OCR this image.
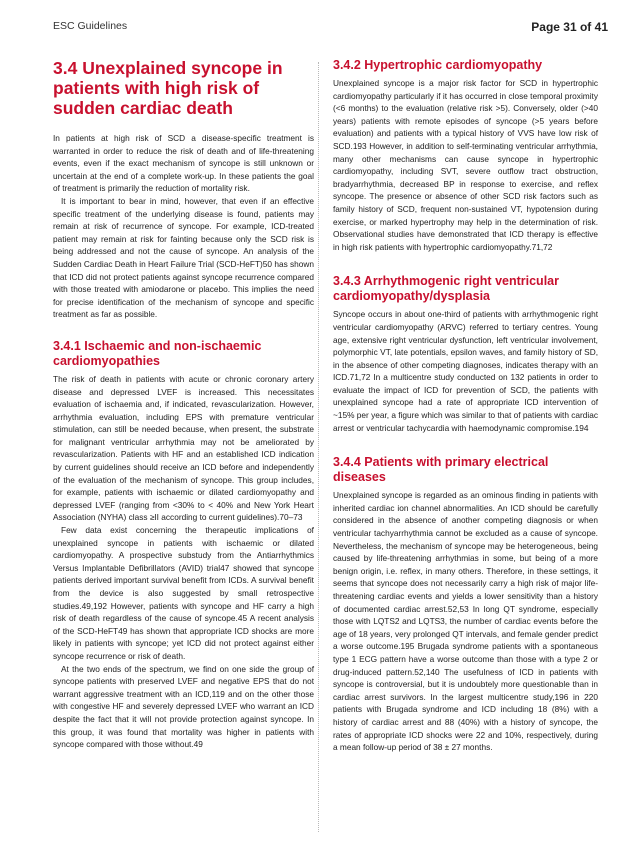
ESC Guidelines	Page 31 of 41
3.4 Unexplained syncope in patients with high risk of sudden cardiac death

In patients at high risk of SCD a disease-specific treatment is warranted in order to reduce the risk of death and of life-threatening events, even if the exact mechanism of syncope is still unknown or uncertain at the end of a complete work-up. In these patients the goal of treatment is primarily the reduction of mortality risk.

It is important to bear in mind, however, that even if an effective specific treatment of the underlying disease is found, patients may remain at risk of recurrence of syncope. For example, ICD-treated patient may remain at risk for fainting because only the SCD risk is being addressed and not the cause of syncope. An analysis of the Sudden Cardiac Death in Heart Failure Trial (SCD-HeFT)50 has shown that ICD did not protect patients against syncope recurrence compared with those treated with amiodarone or placebo. This implies the need for precise identification of the mechanism of syncope and specific treatment as far as possible.

3.4.1 Ischaemic and non-ischaemic cardiomyopathies

The risk of death in patients with acute or chronic coronary artery disease and depressed LVEF is increased. This necessitates evaluation of ischaemia and, if indicated, revascularization. However, arrhythmia evaluation, including EPS with premature ventricular stimulation, can still be needed because, when present, the substrate for malignant ventricular arrhythmia may not be ameliorated by revascularization. Patients with HF and an established ICD indication by current guidelines should receive an ICD before and independently of the evaluation of the mechanism of syncope. This group includes, for example, patients with ischaemic or dilated cardiomyopathy and depressed LVEF (ranging from <30% to < 40% and New York Heart Association (NYHA) class ≥II according to current guidelines).70–73

Few data exist concerning the therapeutic implications of unexplained syncope in patients with ischaemic or dilated cardiomyopathy. A prospective substudy from the Antiarrhythmics Versus Implantable Defibrillators (AVID) trial47 showed that syncope patients derived important survival benefit from ICDs. A survival benefit from the device is also suggested by small retrospective studies.49,192 However, patients with syncope and HF carry a high risk of death regardless of the cause of syncope.45 A recent analysis of the SCD-HeFT49 has shown that appropriate ICD shocks are more likely in patients with syncope; yet ICD did not protect against either syncope recurrence or risk of death.

At the two ends of the spectrum, we find on one side the group of syncope patients with preserved LVEF and negative EPS that do not warrant aggressive treatment with an ICD,119 and on the other those with congestive HF and severely depressed LVEF who warrant an ICD despite the fact that it will not provide protection against syncope. In this group, it was found that mortality was higher in patients with syncope compared with those without.49

3.4.2 Hypertrophic cardiomyopathy

Unexplained syncope is a major risk factor for SCD in hypertrophic cardiomyopathy particularly if it has occurred in close temporal proximity (<6 months) to the evaluation (relative risk >5). Conversely, older (>40 years) patients with remote episodes of syncope (>5 years before evaluation) and patients with a typical history of VVS have low risk of SCD.193 However, in addition to self-terminating ventricular arrhythmia, many other mechanisms can cause syncope in hypertrophic cardiomyopathy, including SVT, severe outflow tract obstruction, bradyarrhythmia, decreased BP in response to exercise, and reflex syncope. The presence or absence of other SCD risk factors such as family history of SCD, frequent non-sustained VT, hypotension during exercise, or marked hypertrophy may help in the determination of risk. Observational studies have demonstrated that ICD therapy is effective in high risk patients with hypertrophic cardiomyopathy.71,72

3.4.3 Arrhythmogenic right ventricular cardiomyopathy/dysplasia

Syncope occurs in about one-third of patients with arrhythmogenic right ventricular cardiomyopathy (ARVC) referred to tertiary centres. Young age, extensive right ventricular dysfunction, left ventricular involvement, polymorphic VT, late potentials, epsilon waves, and family history of SD, in the absence of other competing diagnoses, indicates therapy with an ICD.71,72 In a multicentre study conducted on 132 patients in order to evaluate the impact of ICD for prevention of SCD, the patients with unexplained syncope had a rate of appropriate ICD intervention of ~15% per year, a figure which was similar to that of patients with cardiac arrest or ventricular tachycardia with haemodynamic compromise.194

3.4.4 Patients with primary electrical diseases

Unexplained syncope is regarded as an ominous finding in patients with inherited cardiac ion channel abnormalities. An ICD should be carefully considered in the absence of another competing diagnosis or when ventricular tachyarrhythmia cannot be excluded as a cause of syncope. Nevertheless, the mechanism of syncope may be heterogeneous, being caused by life-threatening arrhythmias in some, but being of a more benign origin, i.e. reflex, in many others. Therefore, in these settings, it seems that syncope does not necessarily carry a high risk of major life-threatening cardiac events and yields a lower sensitivity than a history of documented cardiac arrest.52,53 In long QT syndrome, especially those with LQTS2 and LQTS3, the number of cardiac events before the age of 18 years, very prolonged QT intervals, and female gender predict a worse outcome.195 Brugada syndrome patients with a spontaneous type 1 ECG pattern have a worse outcome than those with a type 2 or drug-induced pattern.52,140 The usefulness of ICD in patients with syncope is controversial, but it is undoubtely more questionable than in cardiac arrest survivors. In the largest multicentre study,196 in 220 patients with Brugada syndrome and ICD including 18 (8%) with a history of cardiac arrest and 88 (40%) with a history of syncope, the rates of appropriate ICD shocks were 22 and 10%, respectively, during a mean follow-up period of 38 ± 27 months.
